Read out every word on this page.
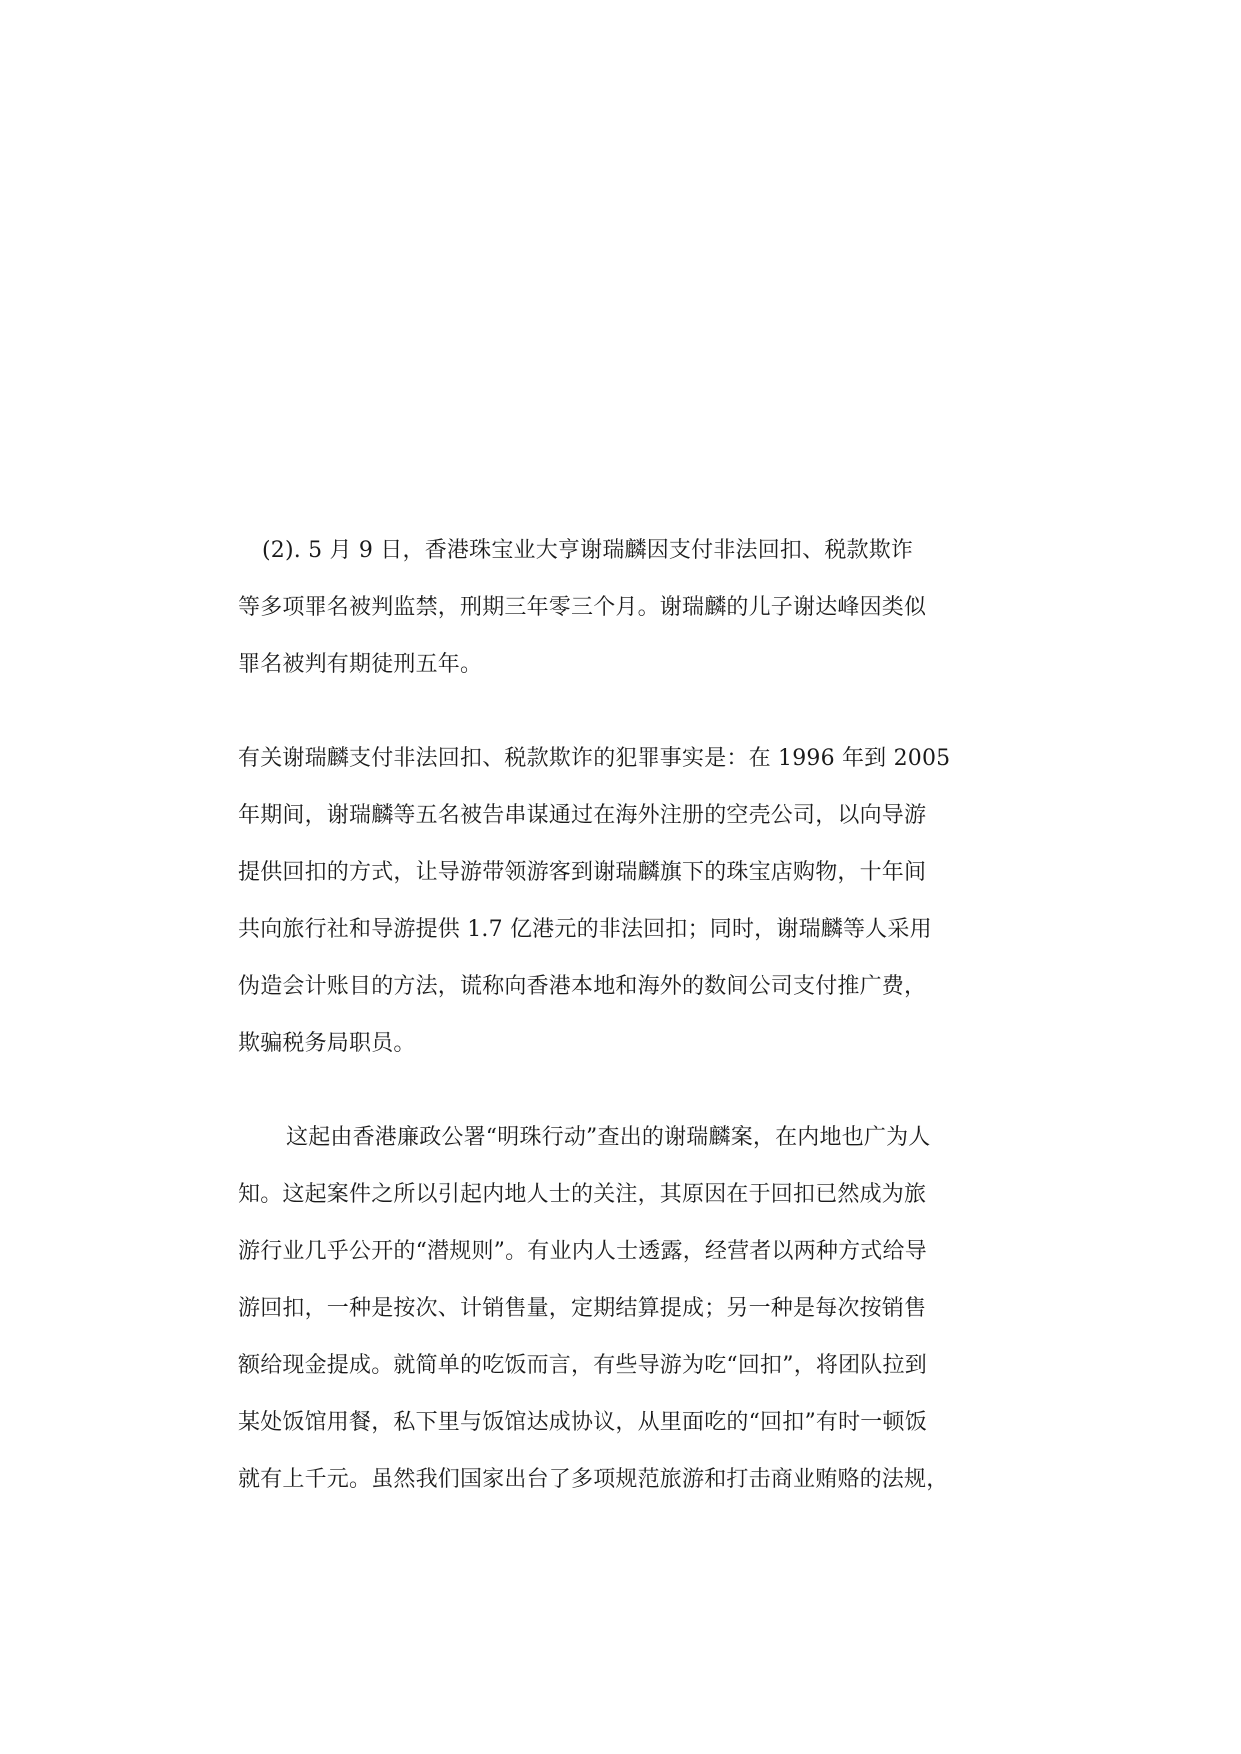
(2). 5 月 9 日，香港珠宝业大亨谢瑞麟因支付非法回扣、税款欺诈
等多项罪名被判监禁，刑期三年零三个月。谢瑞麟的儿子谢达峰因类似
罪名被判有期徒刑五年。
有关谢瑞麟支付非法回扣、税款欺诈的犯罪事实是：在 1996 年到 2005
年期间，谢瑞麟等五名被告串谋通过在海外注册的空壳公司，以向导游
提供回扣的方式，让导游带领游客到谢瑞麟旗下的珠宝店购物，十年间
共向旅行社和导游提供 1.7 亿港元的非法回扣；同时，谢瑞麟等人采用
伪造会计账目的方法，谎称向香港本地和海外的数间公司支付推广费，
欺骗税务局职员。
这起由香港廉政公署“明珠行动”查出的谢瑞麟案，在内地也广为人
知。这起案件之所以引起内地人士的关注，其原因在于回扣已然成为旅
游行业几乎公开的“潜规则”。有业内人士透露，经营者以两种方式给导
游回扣，一种是按次、计销售量，定期结算提成；另一种是每次按销售
额给现金提成。就简单的吃饭而言，有些导游为吃“回扣”，将团队拉到
某处饭馆用餐，私下里与饭馆达成协议，从里面吃的“回扣”有时一顿饭
就有上千元。虽然我们国家出台了多项规范旅游和打击商业贿赂的法规，
